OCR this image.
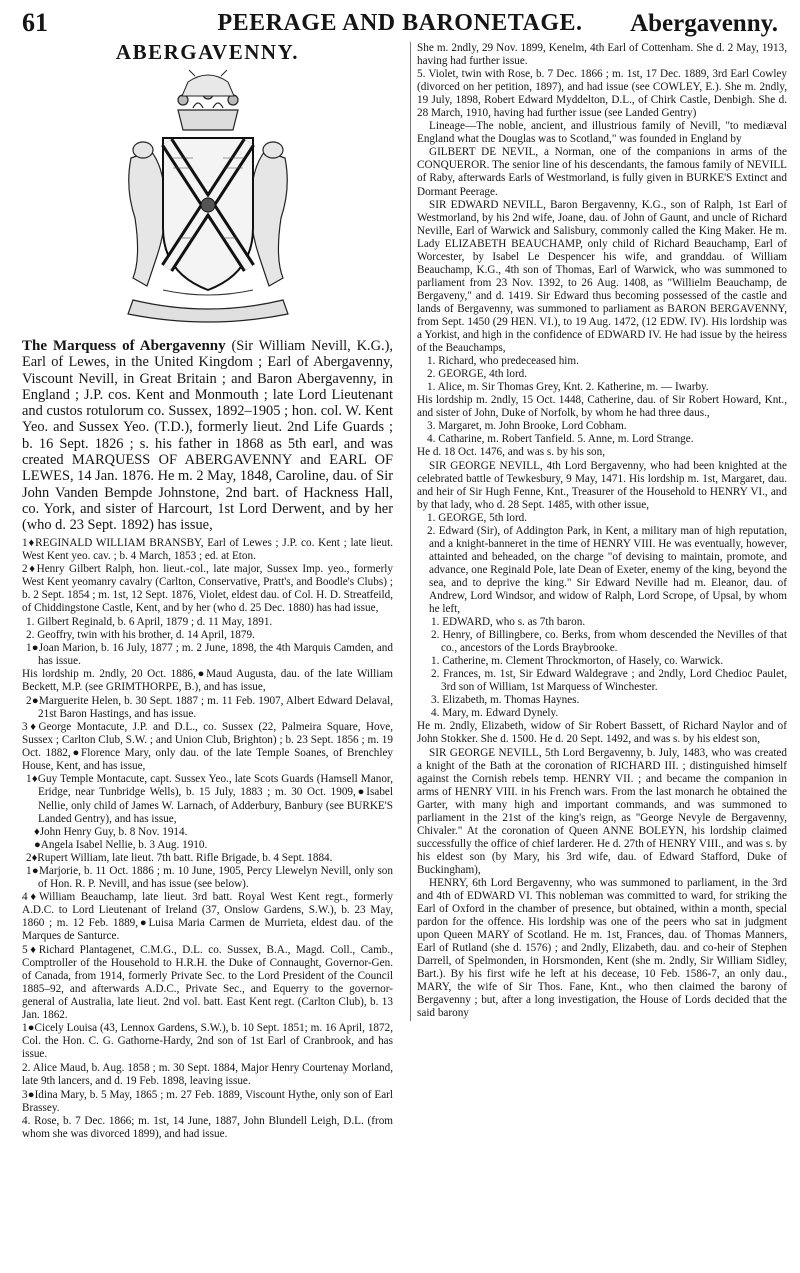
61	PEERAGE AND BARONETAGE.	Abergavenny.
ABERGAVENNY.

The Marquess of Abergavenny (Sir William Nevill, K.G.), Earl of Lewes, in the United Kingdom ; Earl of Abergavenny, Viscount Nevill, in Great Britain ; and Baron Abergavenny, in England ; J.P. cos. Kent and Monmouth ; late Lord Lieutenant and custos rotulorum co. Sussex, 1892–1905 ; hon. col. W. Kent Yeo. and Sussex Yeo. (T.D.), formerly lieut. 2nd Life Guards ; b. 16 Sept. 1826 ; s. his father in 1868 as 5th earl, and was created MARQUESS OF ABERGAVENNY and EARL OF LEWES, 14 Jan. 1876. He m. 2 May, 1848, Caroline, dau. of Sir John Vanden Bempde Johnstone, 2nd bart. of Hackness Hall, co. York, and sister of Harcourt, 1st Lord Derwent, and by her (who d. 23 Sept. 1892) has issue,

1♦REGINALD WILLIAM BRANSBY, Earl of Lewes ; J.P. co. Kent ; late lieut. West Kent yeo. cav. ; b. 4 March, 1853 ; ed. at Eton.

2♦Henry Gilbert Ralph, hon. lieut.-col., late major, Sussex Imp. yeo., formerly West Kent yeomanry cavalry (Carlton, Conservative, Pratt's, and Boodle's Clubs) ; b. 2 Sept. 1854 ; m. 1st, 12 Sept. 1876, Violet, eldest dau. of Col. H. D. Streatfeild, of Chiddingstone Castle, Kent, and by her (who d. 25 Dec. 1880) has had issue,

1. Gilbert Reginald, b. 6 April, 1879 ; d. 11 May, 1891.

2. Geoffry, twin with his brother, d. 14 April, 1879.

1●Joan Marion, b. 16 July, 1877 ; m. 2 June, 1898, the 4th Marquis Camden, and has issue.

His lordship m. 2ndly, 20 Oct. 1886,●Maud Augusta, dau. of the late William Beckett, M.P. (see GRIMTHORPE, B.), and has issue,

2●Marguerite Helen, b. 30 Sept. 1887 ; m. 11 Feb. 1907, Albert Edward Delaval, 21st Baron Hastings, and has issue.

3♦George Montacute, J.P. and D.L., co. Sussex (22, Palmeira Square, Hove, Sussex ; Carlton Club, S.W. ; and Union Club, Brighton) ; b. 23 Sept. 1856 ; m. 19 Oct. 1882,●Florence Mary, only dau. of the late Temple Soanes, of Brenchley House, Kent, and has issue,

1♦Guy Temple Montacute, capt. Sussex Yeo., late Scots Guards (Hamsell Manor, Eridge, near Tunbridge Wells), b. 15 July, 1883 ; m. 30 Oct. 1909,●Isabel Nellie, only child of James W. Larnach, of Adderbury, Banbury (see BURKE'S Landed Gentry), and has issue,

♦John Henry Guy, b. 8 Nov. 1914.

●Angela Isabel Nellie, b. 3 Aug. 1910.

2♦Rupert William, late lieut. 7th batt. Rifle Brigade, b. 4 Sept. 1884.

1●Marjorie, b. 11 Oct. 1886 ; m. 10 June, 1905, Percy Llewelyn Nevill, only son of Hon. R. P. Nevill, and has issue (see below).

4♦William Beauchamp, late lieut. 3rd batt. Royal West Kent regt., formerly A.D.C. to Lord Lieutenant of Ireland (37, Onslow Gardens, S.W.), b. 23 May, 1860 ; m. 12 Feb. 1889,●Luisa Maria Carmen de Murrieta, eldest dau. of the Marques de Santurce.

5♦Richard Plantagenet, C.M.G., D.L. co. Sussex, B.A., Magd. Coll., Camb., Comptroller of the Household to H.R.H. the Duke of Connaught, Governor-Gen. of Canada, from 1914, formerly Private Sec. to the Lord President of the Council 1885–92, and afterwards A.D.C., Private Sec., and Equerry to the governor-general of Australia, late lieut. 2nd vol. batt. East Kent regt. (Carlton Club), b. 13 Jan. 1862.

1●Cicely Louisa (43, Lennox Gardens, S.W.), b. 10 Sept. 1851; m. 16 April, 1872, Col. the Hon. C. G. Gathorne-Hardy, 2nd son of 1st Earl of Cranbrook, and has issue.

2. Alice Maud, b. Aug. 1858 ; m. 30 Sept. 1884, Major Henry Courtenay Morland, late 9th lancers, and d. 19 Feb. 1898, leaving issue.

3●Idina Mary, b. 5 May, 1865 ; m. 27 Feb. 1889, Viscount Hythe, only son of Earl Brassey.

4. Rose, b. 7 Dec. 1866; m. 1st, 14 June, 1887, John Blundell Leigh, D.L. (from whom she was divorced 1899), and had issue.

She m. 2ndly, 29 Nov. 1899, Kenelm, 4th Earl of Cottenham. She d. 2 May, 1913, having had further issue.

5. Violet, twin with Rose, b. 7 Dec. 1866 ; m. 1st, 17 Dec. 1889, 3rd Earl Cowley (divorced on her petition, 1897), and had issue (see COWLEY, E.). She m. 2ndly, 19 July, 1898, Robert Edward Myddelton, D.L., of Chirk Castle, Denbigh. She d. 28 March, 1910, having had further issue (see Landed Gentry)

Lineage—The noble, ancient, and illustrious family of Nevill, "to mediæval England what the Douglas was to Scotland," was founded in England by

GILBERT DE NEVIL, a Norman, one of the companions in arms of the CONQUEROR. The senior line of his descendants, the famous family of NEVILL of Raby, afterwards Earls of Westmorland, is fully given in BURKE'S Extinct and Dormant Peerage.

SIR EDWARD NEVILL, Baron Bergavenny, K.G., son of Ralph, 1st Earl of Westmorland, by his 2nd wife, Joane, dau. of John of Gaunt, and uncle of Richard Neville, Earl of Warwick and Salisbury, commonly called the King Maker. He m. Lady ELIZABETH BEAUCHAMP, only child of Richard Beauchamp, Earl of Worcester, by Isabel Le Despencer his wife, and granddau. of William Beauchamp, K.G., 4th son of Thomas, Earl of Warwick, who was summoned to parliament from 23 Nov. 1392, to 26 Aug. 1408, as "Willielm Beauchamp, de Bergaveny," and d. 1419. Sir Edward thus becoming possessed of the castle and lands of Bergavenny, was summoned to parliament as BARON BERGAVENNY, from Sept. 1450 (29 HEN. VI.), to 19 Aug. 1472, (12 EDW. IV). His lordship was a Yorkist, and high in the confidence of EDWARD IV. He had issue by the heiress of the Beauchamps,

1. Richard, who predeceased him.

2. GEORGE, 4th lord.

1. Alice, m. Sir Thomas Grey, Knt. 2. Katherine, m. — Iwarby.

His lordship m. 2ndly, 15 Oct. 1448, Catherine, dau. of Sir Robert Howard, Knt., and sister of John, Duke of Norfolk, by whom he had three daus.,

3. Margaret, m. John Brooke, Lord Cobham.

4. Catharine, m. Robert Tanfield. 5. Anne, m. Lord Strange.

He d. 18 Oct. 1476, and was s. by his son,

SIR GEORGE NEVILL, 4th Lord Bergavenny, who had been knighted at the celebrated battle of Tewkesbury, 9 May, 1471. His lordship m. 1st, Margaret, dau. and heir of Sir Hugh Fenne, Knt., Treasurer of the Household to HENRY VI., and by that lady, who d. 28 Sept. 1485, with other issue,

1. GEORGE, 5th lord.

2. Edward (Sir), of Addington Park, in Kent, a military man of high reputation, and a knight-banneret in the time of HENRY VIII. He was eventually, however, attainted and beheaded, on the charge "of devising to maintain, promote, and advance, one Reginald Pole, late Dean of Exeter, enemy of the king, beyond the sea, and to deprive the king." Sir Edward Neville had m. Eleanor, dau. of Andrew, Lord Windsor, and widow of Ralph, Lord Scrope, of Upsal, by whom he left,

1. EDWARD, who s. as 7th baron.

2. Henry, of Billingbere, co. Berks, from whom descended the Nevilles of that co., ancestors of the Lords Braybrooke.

1. Catherine, m. Clement Throckmorton, of Hasely, co. Warwick.

2. Frances, m. 1st, Sir Edward Waldegrave ; and 2ndly, Lord Chedioc Paulet, 3rd son of William, 1st Marquess of Winchester.

3. Elizabeth, m. Thomas Haynes.

4. Mary, m. Edward Dynely.

He m. 2ndly, Elizabeth, widow of Sir Robert Bassett, of Richard Naylor and of John Stokker. She d. 1500. He d. 20 Sept. 1492, and was s. by his eldest son,

SIR GEORGE NEVILL, 5th Lord Bergavenny, b. July, 1483, who was created a knight of the Bath at the coronation of RICHARD III. ; distinguished himself against the Cornish rebels temp. HENRY VII. ; and became the companion in arms of HENRY VIII. in his French wars. From the last monarch he obtained the Garter, with many high and important commands, and was summoned to parliament in the 21st of the king's reign, as "George Nevyle de Bergavenny, Chivaler." At the coronation of Queen ANNE BOLEYN, his lordship claimed successfully the office of chief larderer. He d. 27th of HENRY VIII., and was s. by his eldest son (by Mary, his 3rd wife, dau. of Edward Stafford, Duke of Buckingham),

HENRY, 6th Lord Bergavenny, who was summoned to parliament, in the 3rd and 4th of EDWARD VI. This nobleman was committed to ward, for striking the Earl of Oxford in the chamber of presence, but obtained, within a month, special pardon for the offence. His lordship was one of the peers who sat in judgment upon Queen MARY of Scotland. He m. 1st, Frances, dau. of Thomas Manners, Earl of Rutland (she d. 1576) ; and 2ndly, Elizabeth, dau. and co-heir of Stephen Darrell, of Spelmonden, in Horsmonden, Kent (she m. 2ndly, Sir William Sidley, Bart.). By his first wife he left at his decease, 10 Feb. 1586-7, an only dau., MARY, the wife of Sir Thos. Fane, Knt., who then claimed the barony of Bergavenny ; but, after a long investigation, the House of Lords decided that the said barony
